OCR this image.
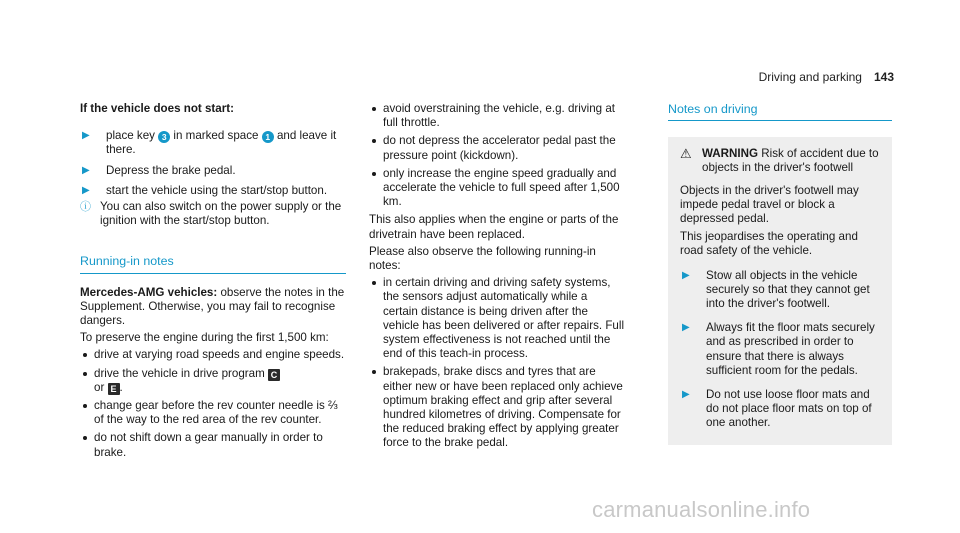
Driving and parking 143
If the vehicle does not start:
▶	place key 3 in marked space 1 and leave it there.
▶	Depress the brake pedal.
▶	start the vehicle using the start/stop button.
ⓘ You can also switch on the power supply or the ignition with the start/stop button.
Running-in notes

Mercedes-AMG vehicles: observe the notes in the Supplement. Otherwise, you may fail to recognise dangers.

To preserve the engine during the first 1,500 km:

drive at varying road speeds and engine speeds.
drive the vehicle in drive program C
or E .
change gear before the rev counter needle is ⅔ of the way to the red area of the rev counter.
do not shift down a gear manually in order to brake.
avoid overstraining the vehicle, e.g. driving at full throttle.
do not depress the accelerator pedal past the pressure point (kickdown).
only increase the engine speed gradually and accelerate the vehicle to full speed after 1,500 km.

This also applies when the engine or parts of the drivetrain have been replaced.

Please also observe the following running-in notes:

in certain driving and driving safety systems, the sensors adjust automatically while a certain distance is being driven after the vehicle has been delivered or after repairs. Full system effectiveness is not reached until the end of this teach-in process.
brakepads, brake discs and tyres that are either new or have been replaced only achieve optimum braking effect and grip after several hundred kilometres of driving. Compensate for the reduced braking effect by applying greater force to the brake pedal.
Notes on driving
⚠ WARNING Risk of accident due to objects in the driver's footwell

Objects in the driver's footwell may impede pedal travel or block a depressed pedal.

This jeopardises the operating and road safety of the vehicle.

▶	Stow all objects in the vehicle securely so that they cannot get into the driver's footwell.
▶	Always fit the floor mats securely and as prescribed in order to ensure that there is always sufficient room for the pedals.
▶	Do not use loose floor mats and do not place floor mats on top of one another.
carmanualsonline.info
